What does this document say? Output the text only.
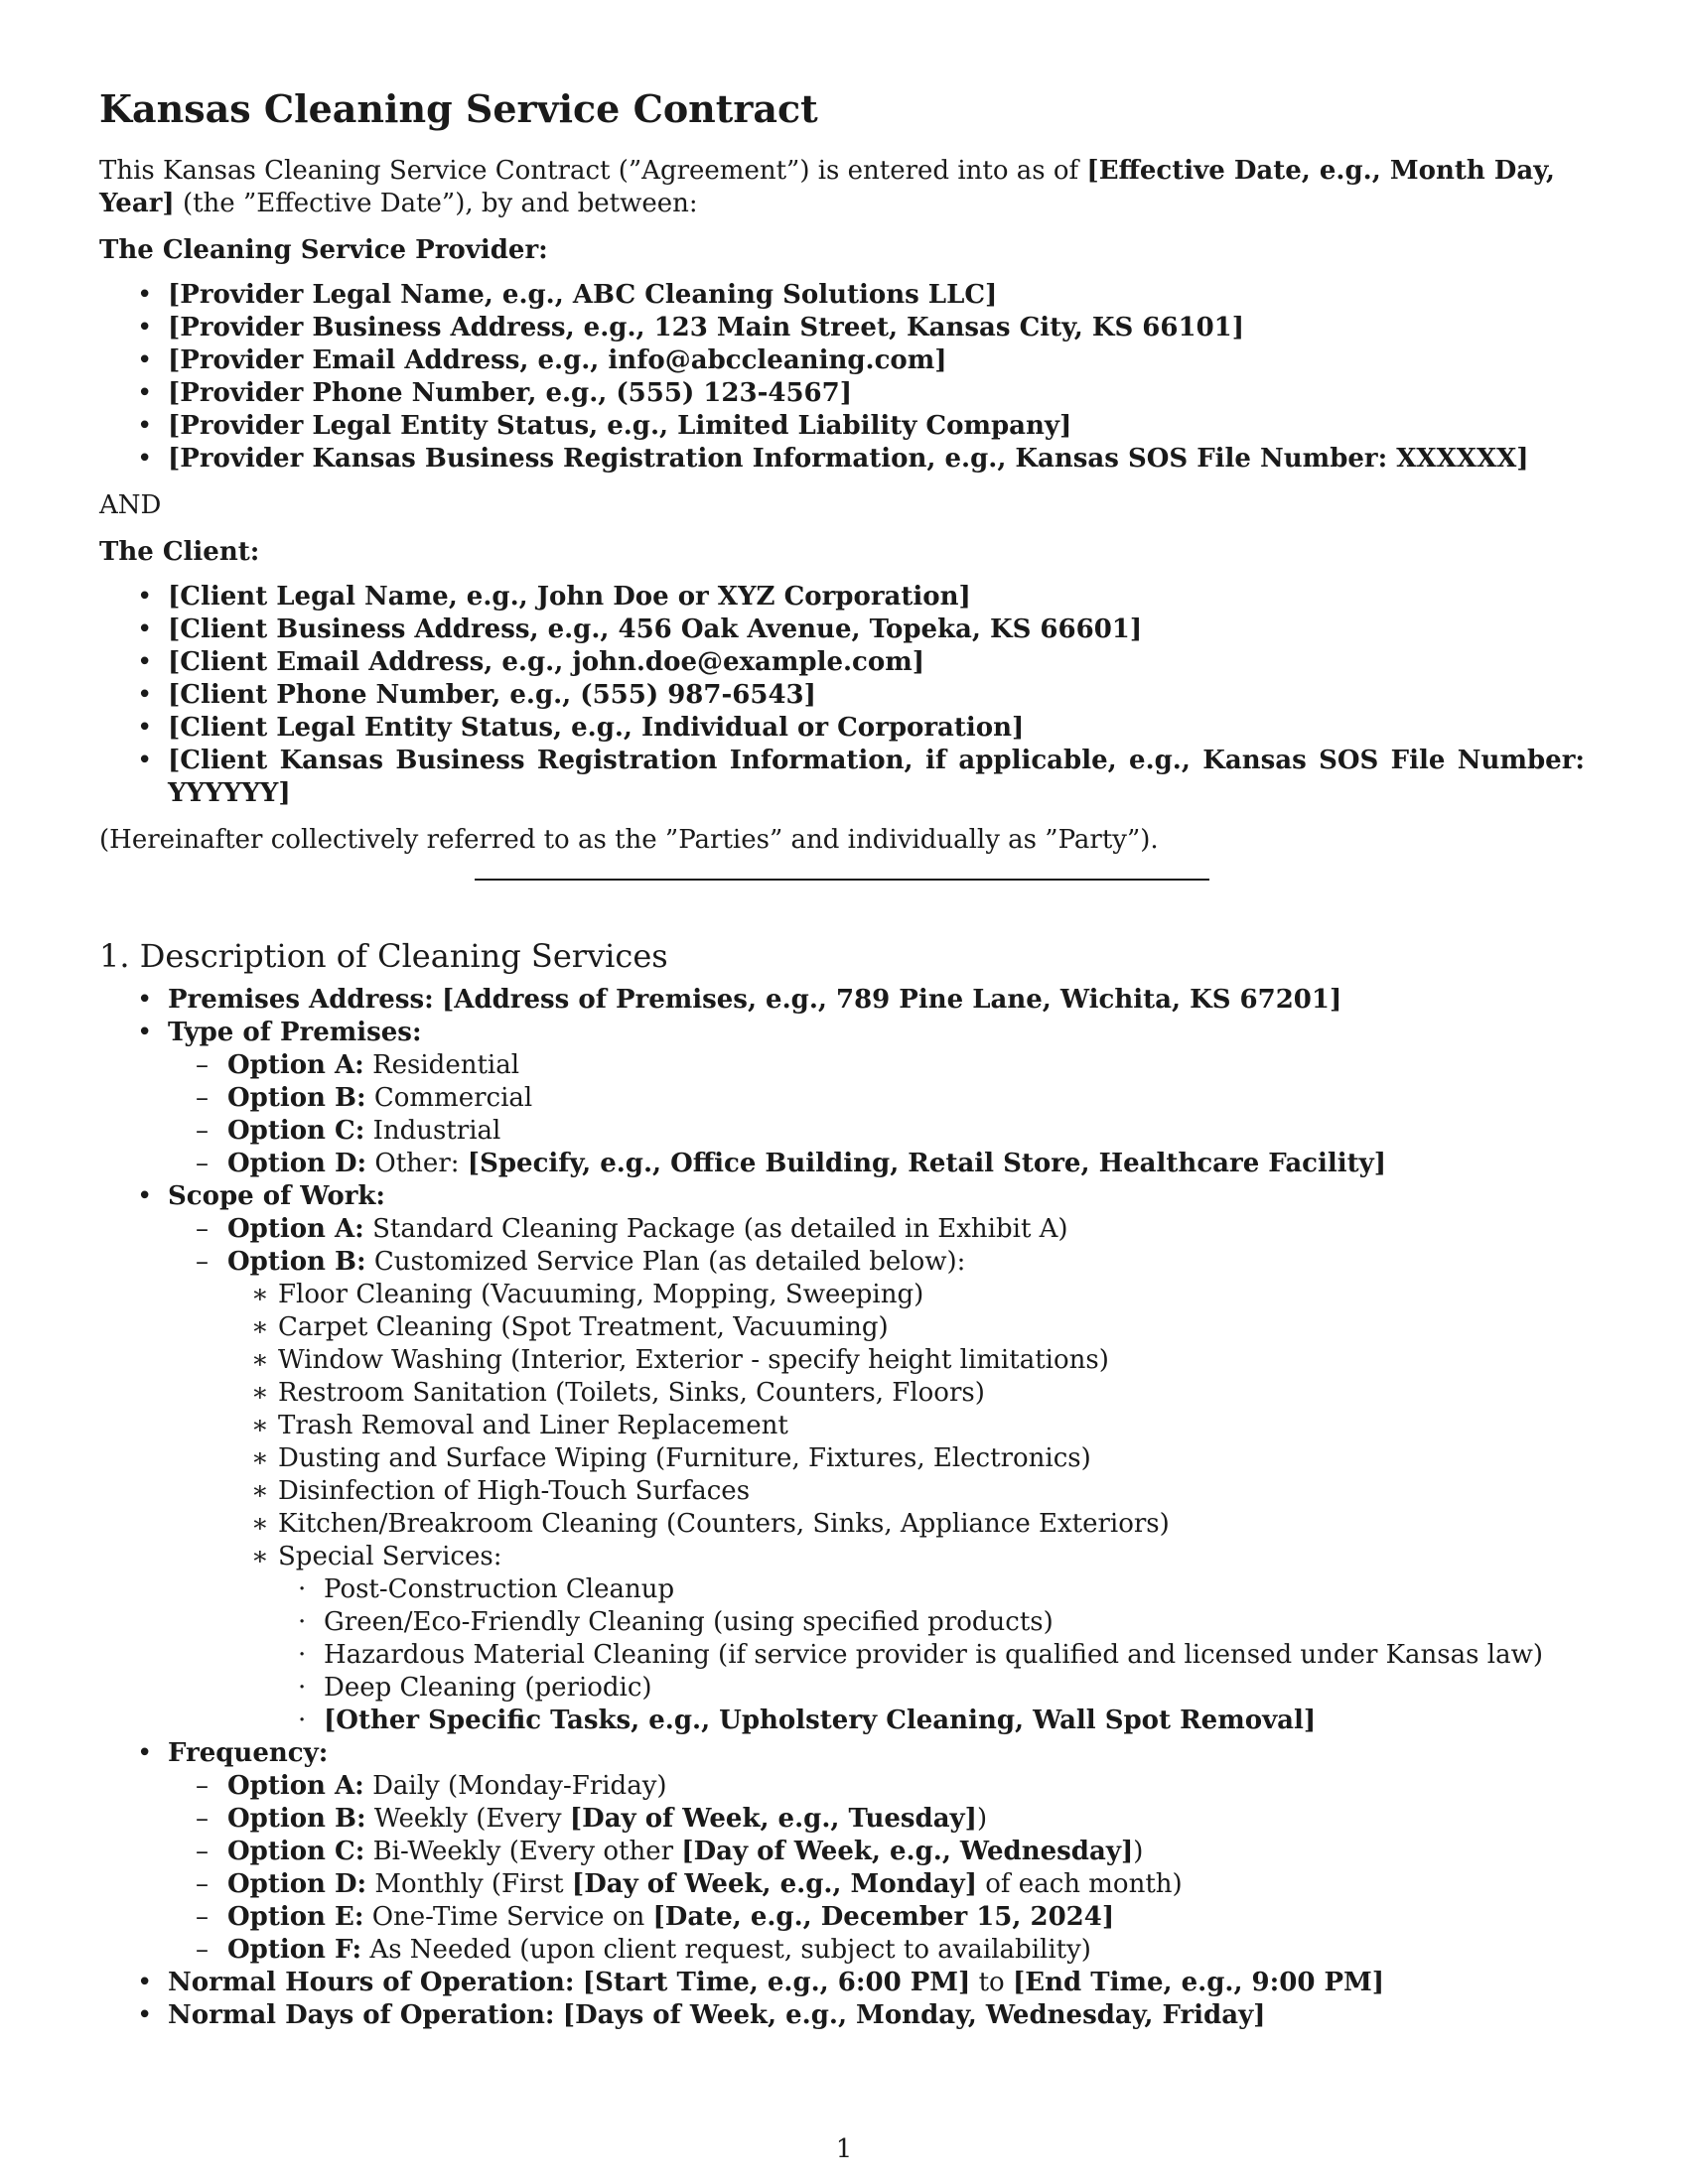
Kansas Cleaning Service Contract

This Kansas Cleaning Service Contract (”Agreement”) is entered into as of [Effective Date, e.g., Month Day, Year] (the ”Effective Date”), by and between:

The Cleaning Service Provider:
• [Provider Legal Name, e.g., ABC Cleaning Solutions LLC]
• [Provider Business Address, e.g., 123 Main Street, Kansas City, KS 66101]
• [Provider Email Address, e.g., info@abccleaning.com]
• [Provider Phone Number, e.g., (555) 123-4567]
• [Provider Legal Entity Status, e.g., Limited Liability Company]
• [Provider Kansas Business Registration Information, e.g., Kansas SOS File Number: XXXXXX]

AND

The Client:
• [Client Legal Name, e.g., John Doe or XYZ Corporation]
• [Client Business Address, e.g., 456 Oak Avenue, Topeka, KS 66601]
• [Client Email Address, e.g., john.doe@example.com]
• [Client Phone Number, e.g., (555) 987-6543]
• [Client Legal Entity Status, e.g., Individual or Corporation]
• [Client Kansas Business Registration Information, if applicable, e.g., Kansas SOS File Number: YYYYYY]

(Hereinafter collectively referred to as the ”Parties” and individually as ”Party”).

1. Description of Cleaning Services
• Premises Address: [Address of Premises, e.g., 789 Pine Lane, Wichita, KS 67201]
• Type of Premises:
– Option A: Residential
– Option B: Commercial
– Option C: Industrial
– Option D: Other: [Specify, e.g., Office Building, Retail Store, Healthcare Facility]
• Scope of Work:
– Option A: Standard Cleaning Package (as detailed in Exhibit A)
– Option B: Customized Service Plan (as detailed below):
∗ Floor Cleaning (Vacuuming, Mopping, Sweeping)
∗ Carpet Cleaning (Spot Treatment, Vacuuming)
∗ Window Washing (Interior, Exterior - specify height limitations)
∗ Restroom Sanitation (Toilets, Sinks, Counters, Floors)
∗ Trash Removal and Liner Replacement
∗ Dusting and Surface Wiping (Furniture, Fixtures, Electronics)
∗ Disinfection of High-Touch Surfaces
∗ Kitchen/Breakroom Cleaning (Counters, Sinks, Appliance Exteriors)
∗ Special Services:
· Post-Construction Cleanup
· Green/Eco-Friendly Cleaning (using specified products)
· Hazardous Material Cleaning (if service provider is qualified and licensed under Kansas law)
· Deep Cleaning (periodic)
· [Other Specific Tasks, e.g., Upholstery Cleaning, Wall Spot Removal]
• Frequency:
– Option A: Daily (Monday-Friday)
– Option B: Weekly (Every [Day of Week, e.g., Tuesday])
– Option C: Bi-Weekly (Every other [Day of Week, e.g., Wednesday])
– Option D: Monthly (First [Day of Week, e.g., Monday] of each month)
– Option E: One-Time Service on [Date, e.g., December 15, 2024]
– Option F: As Needed (upon client request, subject to availability)
• Normal Hours of Operation: [Start Time, e.g., 6:00 PM] to [End Time, e.g., 9:00 PM]
• Normal Days of Operation: [Days of Week, e.g., Monday, Wednesday, Friday]
1
